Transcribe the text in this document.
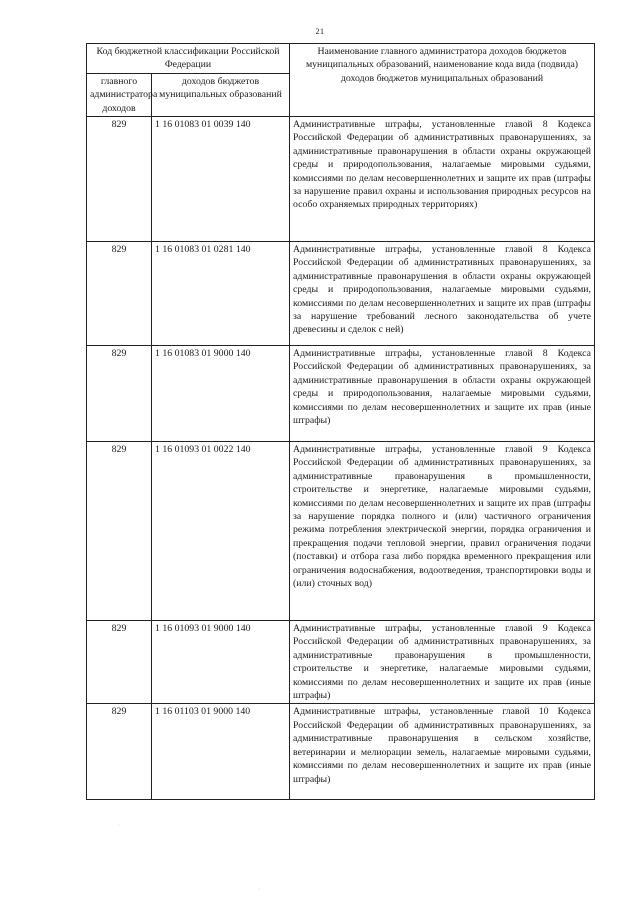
21
Код бюджетной классификации Российской Федерации		Наименование главного администратора доходов бюджетов муниципальных образований, наименование кода вида (подвида) доходов бюджетов муниципальных образований
главного администратора доходов	доходов бюджетов муниципальных образований	
829	1 16 01083 01 0039 140	Административные штрафы, установленные главой 8 Кодекса Российской Федерации об административных правонарушениях, за административные правонарушения в области охраны окружающей среды и природопользования, налагаемые мировыми судьями, комиссиями по делам несовершеннолетних и защите их прав (штрафы за нарушение правил охраны и использования природных ресурсов на особо охраняемых природных территориях)
829	1 16 01083 01 0281 140	Административные штрафы, установленные главой 8 Кодекса Российской Федерации об административных правонарушениях, за административные правонарушения в области охраны окружающей среды и природопользования, налагаемые мировыми судьями, комиссиями по делам несовершеннолетних и защите их прав (штрафы за нарушение требований лесного законодательства об учете древесины и сделок с ней)
829	1 16 01083 01 9000 140	Административные штрафы, установленные главой 8 Кодекса Российской Федерации об административных правонарушениях, за административные правонарушения в области охраны окружающей среды и природопользования, налагаемые мировыми судьями, комиссиями по делам несовершеннолетних и защите их прав (иные штрафы)
829	1 16 01093 01 0022 140	Административные штрафы, установленные главой 9 Кодекса Российской Федерации об административных правонарушениях, за административные правонарушения в промышленности, строительстве и энергетике, налагаемые мировыми судьями, комиссиями по делам несовершеннолетних и защите их прав (штрафы за нарушение порядка полного и (или) частичного ограничения режима потребления электрической энергии, порядка ограничения и прекращения подачи тепловой энергии, правил ограничения подачи (поставки) и отбора газа либо порядка временного прекращения или ограничения водоснабжения, водоотведения, транспортировки воды и (или) сточных вод)
829	1 16 01093 01 9000 140	Административные штрафы, установленные главой 9 Кодекса Российской Федерации об административных правонарушениях, за административные правонарушения в промышленности, строительстве и энергетике, налагаемые мировыми судьями, комиссиями по делам несовершеннолетних и защите их прав (иные штрафы)
829	1 16 01103 01 9000 140	Административные штрафы, установленные главой 10 Кодекса Российской Федерации об административных правонарушениях, за административные правонарушения в сельском хозяйстве, ветеринарии и мелиорации земель, налагаемые мировыми судьями, комиссиями по делам несовершеннолетних и защите их прав (иные штрафы)
·
·
